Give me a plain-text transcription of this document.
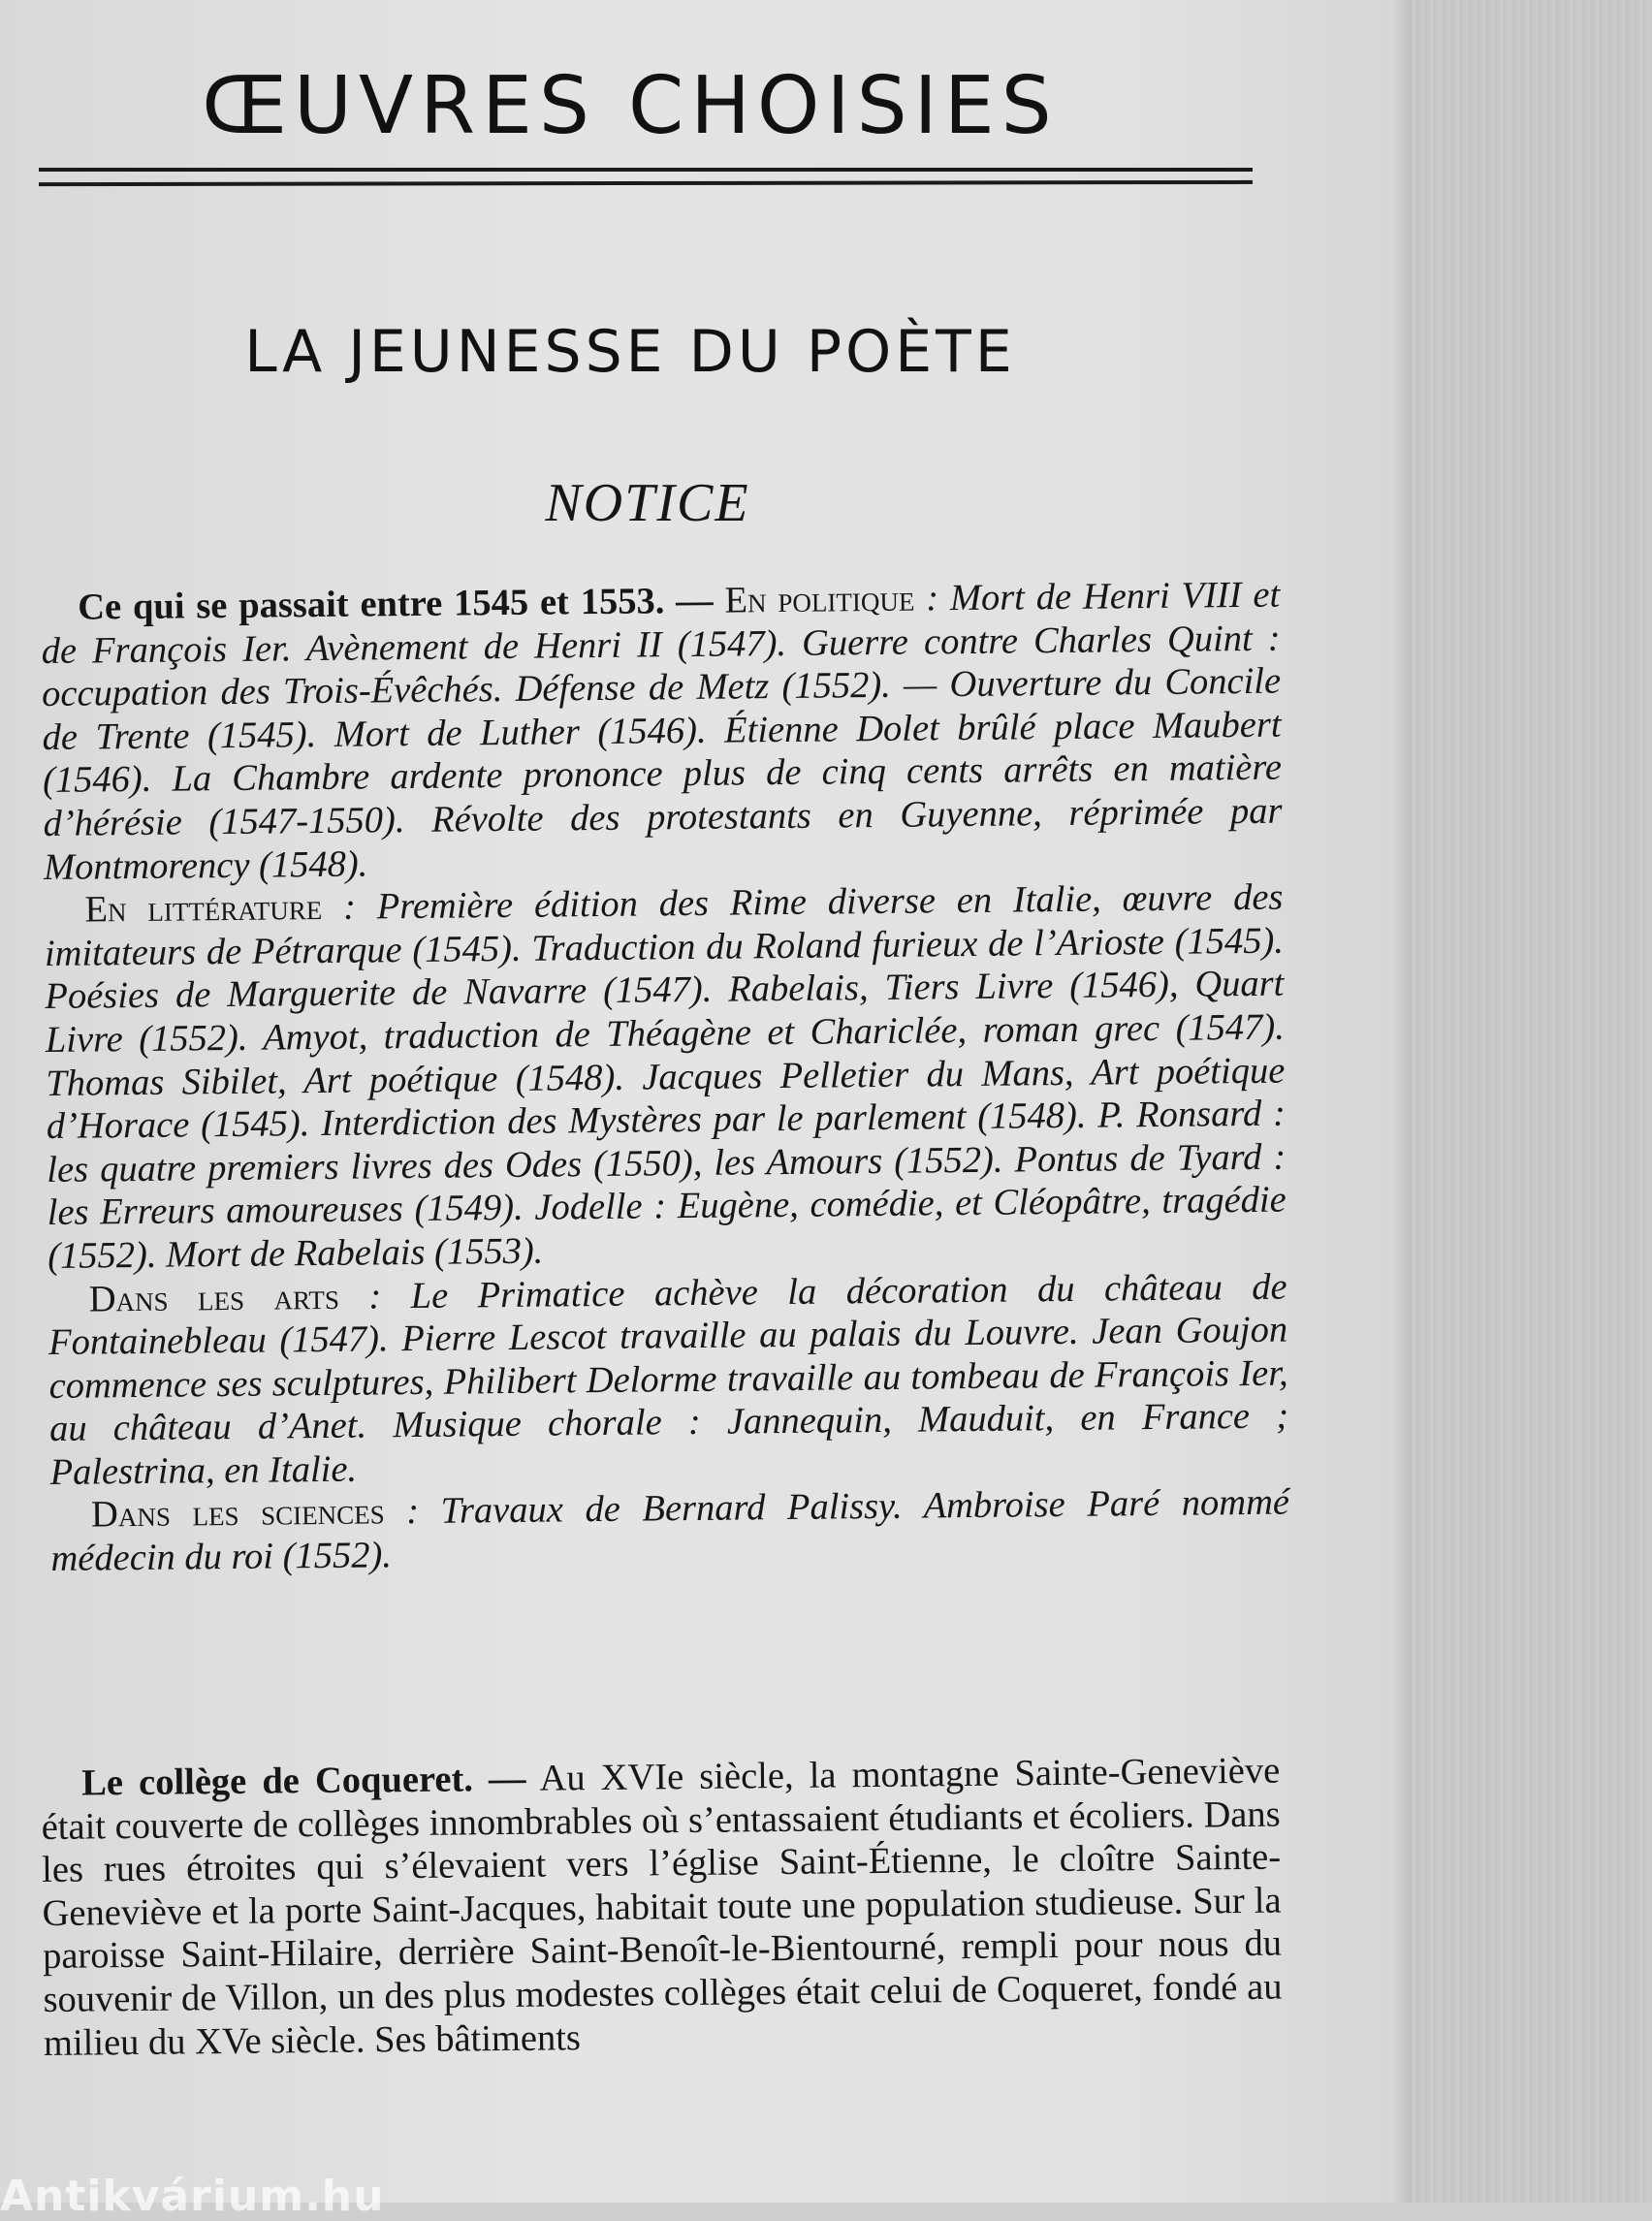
ŒUVRES CHOISIES
LA JEUNESSE DU POÈTE
NOTICE

Ce qui se passait entre 1545 et 1553. — En politique : Mort de Henri VIII et de François Ier. Avènement de Henri II (1547). Guerre contre Charles Quint : occupation des Trois-Évêchés. Défense de Metz (1552). — Ouverture du Concile de Trente (1545). Mort de Luther (1546). Étienne Dolet brûlé place Maubert (1546). La Chambre ardente prononce plus de cinq cents arrêts en matière d’hérésie (1547-1550). Révolte des protestants en Guyenne, réprimée par Montmorency (1548).

En littérature : Première édition des Rime diverse en Italie, œuvre des imitateurs de Pétrarque (1545). Traduction du Roland furieux de l’Arioste (1545). Poésies de Marguerite de Navarre (1547). Rabelais, Tiers Livre (1546), Quart Livre (1552). Amyot, traduction de Théagène et Chariclée, roman grec (1547). Thomas Sibilet, Art poétique (1548). Jacques Pelletier du Mans, Art poétique d’Horace (1545). Interdiction des Mystères par le parlement (1548). P. Ronsard : les quatre premiers livres des Odes (1550), les Amours (1552). Pontus de Tyard : les Erreurs amoureuses (1549). Jodelle : Eugène, comédie, et Cléopâtre, tragédie (1552). Mort de Rabelais (1553).

Dans les arts : Le Primatice achève la décoration du château de Fontainebleau (1547). Pierre Lescot travaille au palais du Louvre. Jean Goujon commence ses sculptures, Philibert Delorme travaille au tombeau de François Ier, au château d’Anet. Musique chorale : Jannequin, Mauduit, en France ; Palestrina, en Italie.

Dans les sciences : Travaux de Bernard Palissy. Ambroise Paré nommé médecin du roi (1552).

Le collège de Coqueret. — Au XVIe siècle, la montagne Sainte-Geneviève était couverte de collèges innombrables où s’entassaient étudiants et écoliers. Dans les rues étroites qui s’élevaient vers l’église Saint-Étienne, le cloître Sainte-Geneviève et la porte Saint-Jacques, habitait toute une population studieuse. Sur la paroisse Saint-Hilaire, derrière Saint-Benoît-le-Bientourné, rempli pour nous du souvenir de Villon, un des plus modestes collèges était celui de Coqueret, fondé au milieu du XVe siècle. Ses bâtiments

Antikvárium.hu
